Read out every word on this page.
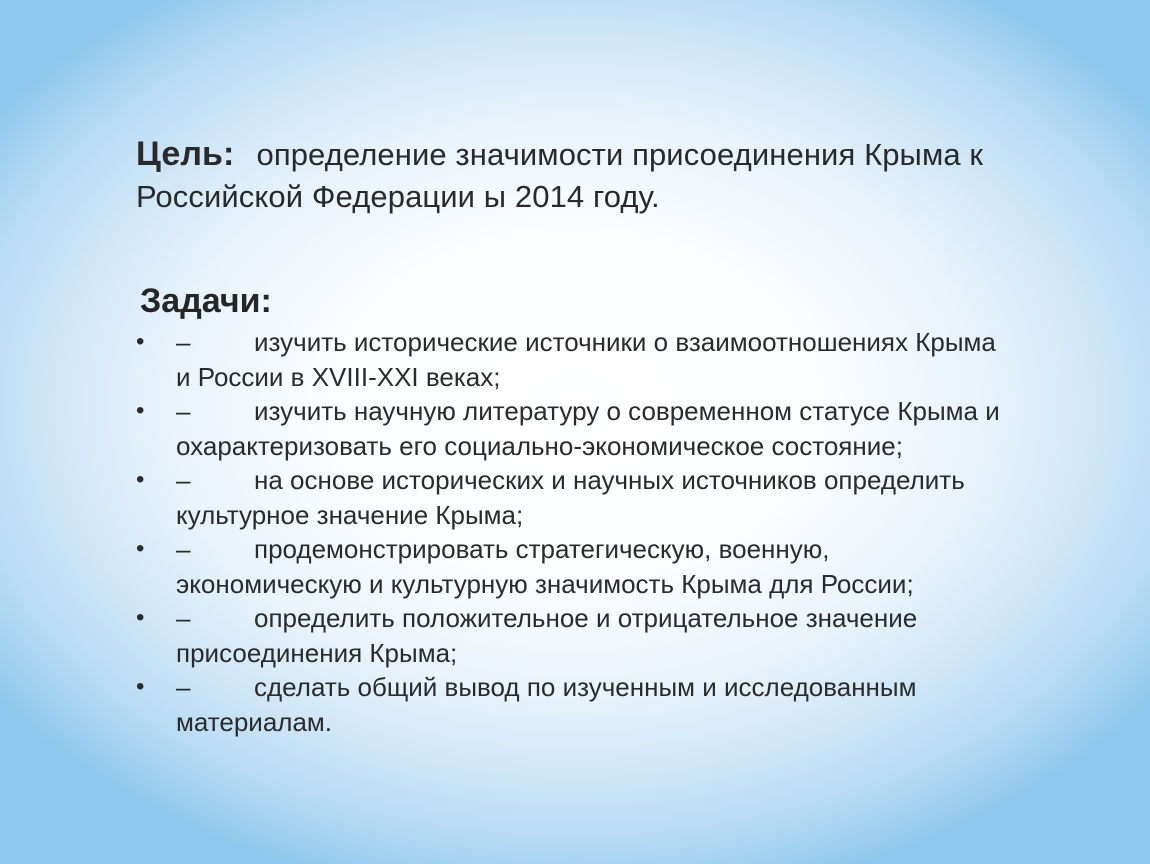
Цель: определение значимости присоединения Крыма к Российской Федерации ы 2014 году.
Задачи:
•	– изучить исторические источники о взаимоотношениях Крыма и России в XVIII-XXI веках;
•	– изучить научную литературу о современном статусе Крыма и охарактеризовать его социально-экономическое состояние;
•	– на основе исторических и научных источников определить культурное значение Крыма;
•	– продемонстрировать стратегическую, военную, экономическую и культурную значимость Крыма для России;
•	– определить положительное и отрицательное значение присоединения Крыма;
•	– сделать общий вывод по изученным и исследованным материалам.
